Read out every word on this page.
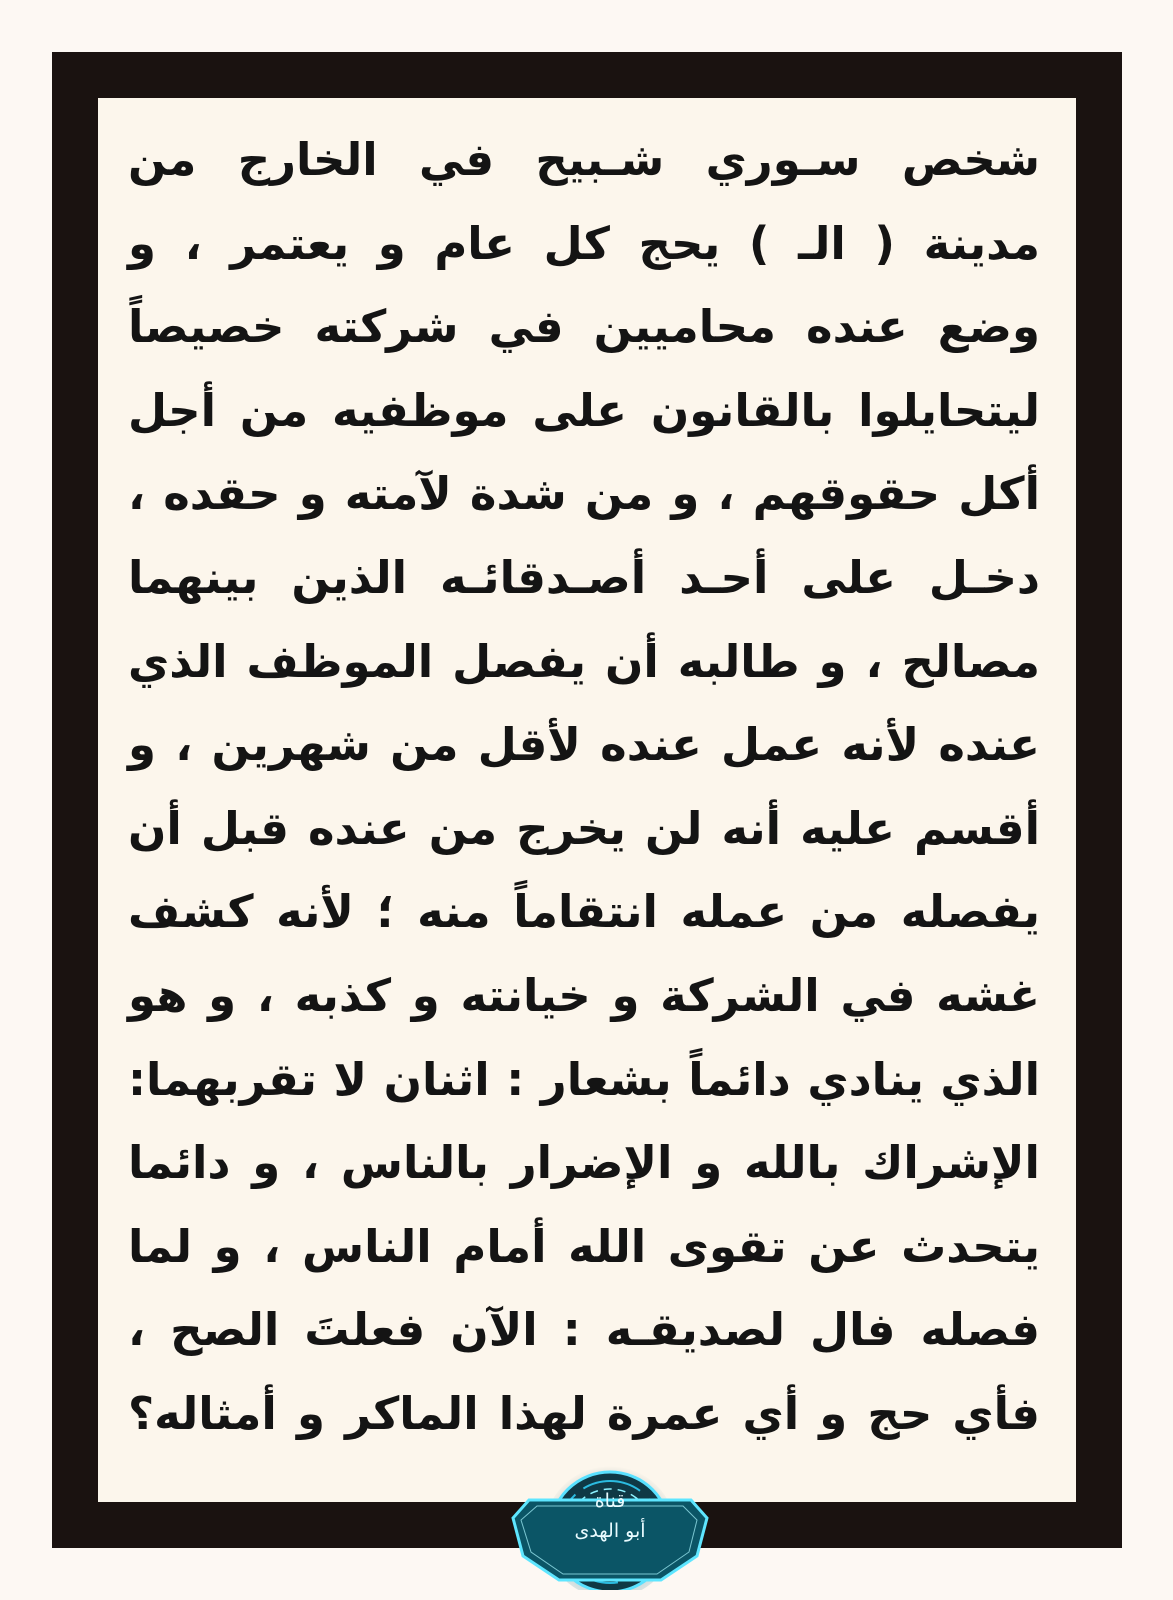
شخص سـوري شـبيح في الخارج من
مدينة ( الـ ) يحج كل عام و يعتمر ، و
وضع عنده محاميين في شركته خصيصاً
ليتحايلوا بالقانون على موظفيه من أجل
أكل حقوقهم ، و من شدة لآمته و حقده ،
دخـل على أحـد أصـدقائـه الذين بينهما
مصالح ، و طالبه أن يفصل الموظف الذي
عنده لأنه عمل عنده لأقل من شهرين ، و
أقسم عليه أنه لن يخرج من عنده قبل أن
يفصله من عمله انتقاماً منه ؛ لأنه كشف
غشه في الشركة و خيانته و كذبه ، و هو
الذي ينادي دائماً بشعار : اثنان لا تقربهما:
الإشراك بالله و الإضرار بالناس ، و دائما
يتحدث عن تقوى الله أمام الناس ، و لما
فصله فال لصديقـه : الآن فعلتَ الصح ،
فأي حج و أي عمرة لهذا الماكر و أمثاله؟
قناة
أبو الهدى
